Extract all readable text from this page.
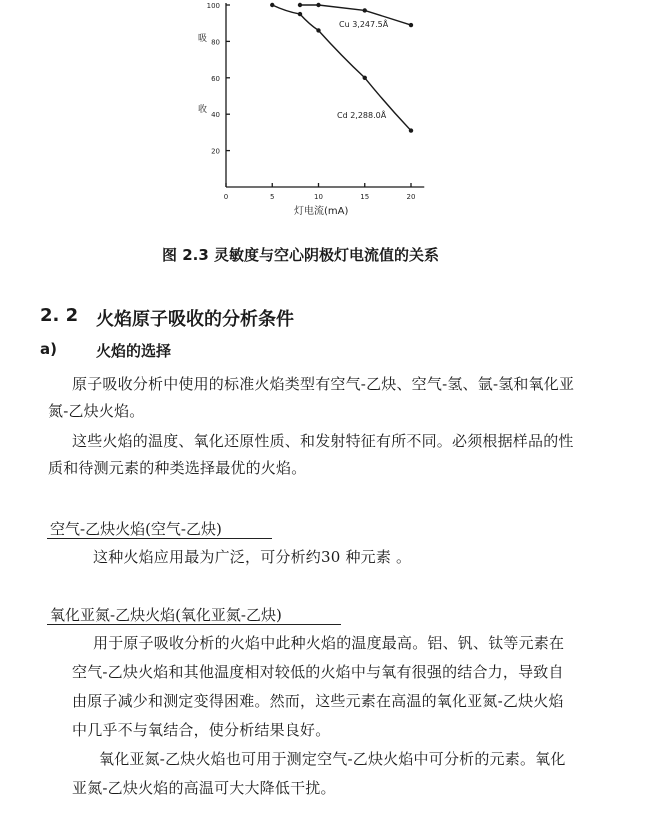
100
80
60
40
20
0	5	10	15	20
吸
收
灯电流(mA)
Cu 3,247.5Å
Cd 2,288.0Å
图 2.3 灵敏度与空心阴极灯电流值的关系
2. 2 火焰原子吸收的分析条件
a)	火焰的选择
原子吸收分析中使用的标准火焰类型有空气-乙炔、空气-氢、氩-氢和氧化亚
氮-乙炔火焰。
这些火焰的温度、氧化还原性质、和发射特征有所不同。必须根据样品的性
质和待测元素的种类选择最优的火焰。
空气-乙炔火焰(空气-乙炔)
这种火焰应用最为广泛，可分析约30 种元素 。
氧化亚氮-乙炔火焰(氧化亚氮-乙炔)
用于原子吸收分析的火焰中此种火焰的温度最高。铝、钒、钛等元素在
空气-乙炔火焰和其他温度相对较低的火焰中与氧有很强的结合力，导致自
由原子减少和测定变得困难。然而，这些元素在高温的氧化亚氮-乙炔火焰
中几乎不与氧结合，使分析结果良好。
氧化亚氮-乙炔火焰也可用于测定空气-乙炔火焰中可分析的元素。氧化
亚氮-乙炔火焰的高温可大大降低干扰。
